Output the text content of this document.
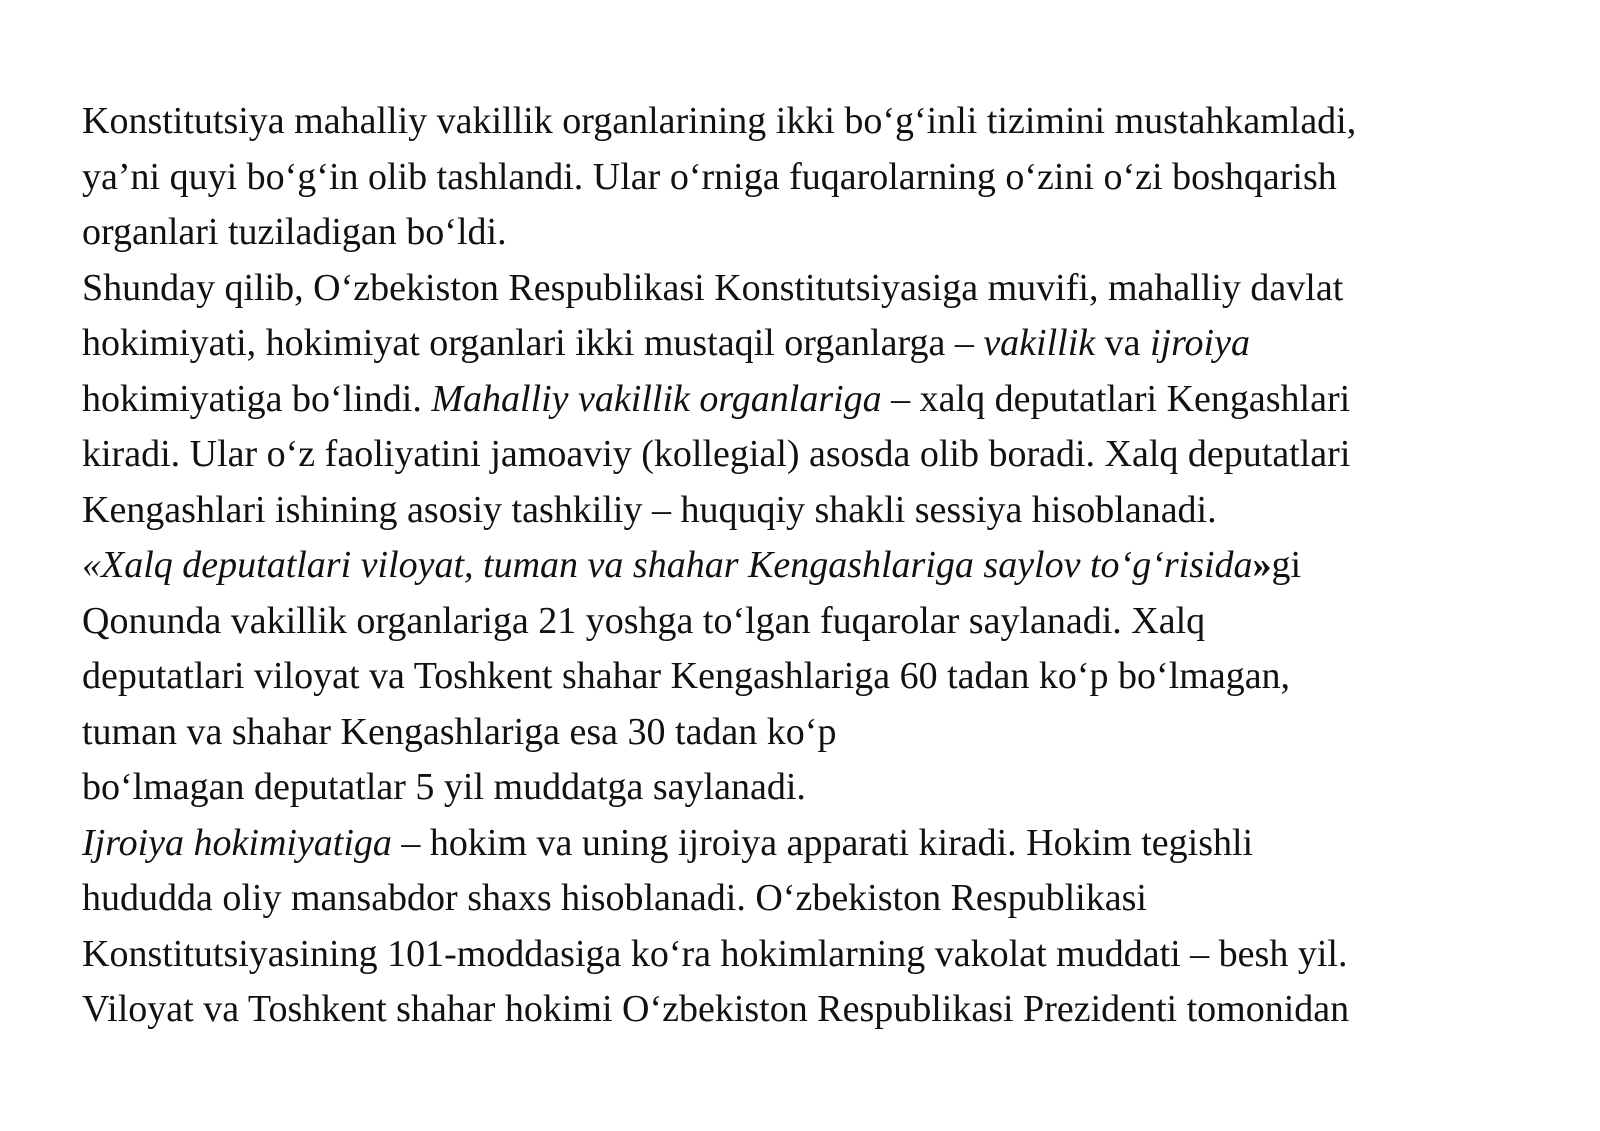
Konstitutsiya mahalliy vakillik organlarining ikki bo‘g‘inli tizimini mustahkamladi,
ya’ni quyi bo‘g‘in olib tashlandi. Ular o‘rniga fuqarolarning o‘zini o‘zi boshqarish
organlari tuziladigan bo‘ldi.
Shunday qilib, O‘zbekiston Respublikasi Konstitutsiyasiga muvifi, mahalliy davlat
hokimiyati, hokimiyat organlari ikki mustaqil organlarga – vakillik va ijroiya
hokimiyatiga bo‘lindi. Mahalliy vakillik organlariga – xalq deputatlari Kengashlari
kiradi. Ular o‘z faoliyatini jamoaviy (kollegial) asosda olib boradi. Xalq deputatlari
Kengashlari ishining asosiy tashkiliy – huquqiy shakli sessiya hisoblanadi.
«Xalq deputatlari viloyat, tuman va shahar Kengashlariga saylov to‘g‘risida»gi
Qonunda vakillik organlariga 21 yoshga to‘lgan fuqarolar saylanadi. Xalq
deputatlari viloyat va Toshkent shahar Kengashlariga 60 tadan ko‘p bo‘lmagan,
tuman va shahar Kengashlariga esa 30 tadan ko‘p
bo‘lmagan deputatlar 5 yil muddatga saylanadi.
Ijroiya hokimiyatiga – hokim va uning ijroiya apparati kiradi. Hokim tegishli
hududda oliy mansabdor shaxs hisoblanadi. O‘zbekiston Respublikasi
Konstitutsiyasining 101-moddasiga ko‘ra hokimlarning vakolat muddati – besh yil.
Viloyat va Toshkent shahar hokimi O‘zbekiston Respublikasi Prezidenti tomonidan
